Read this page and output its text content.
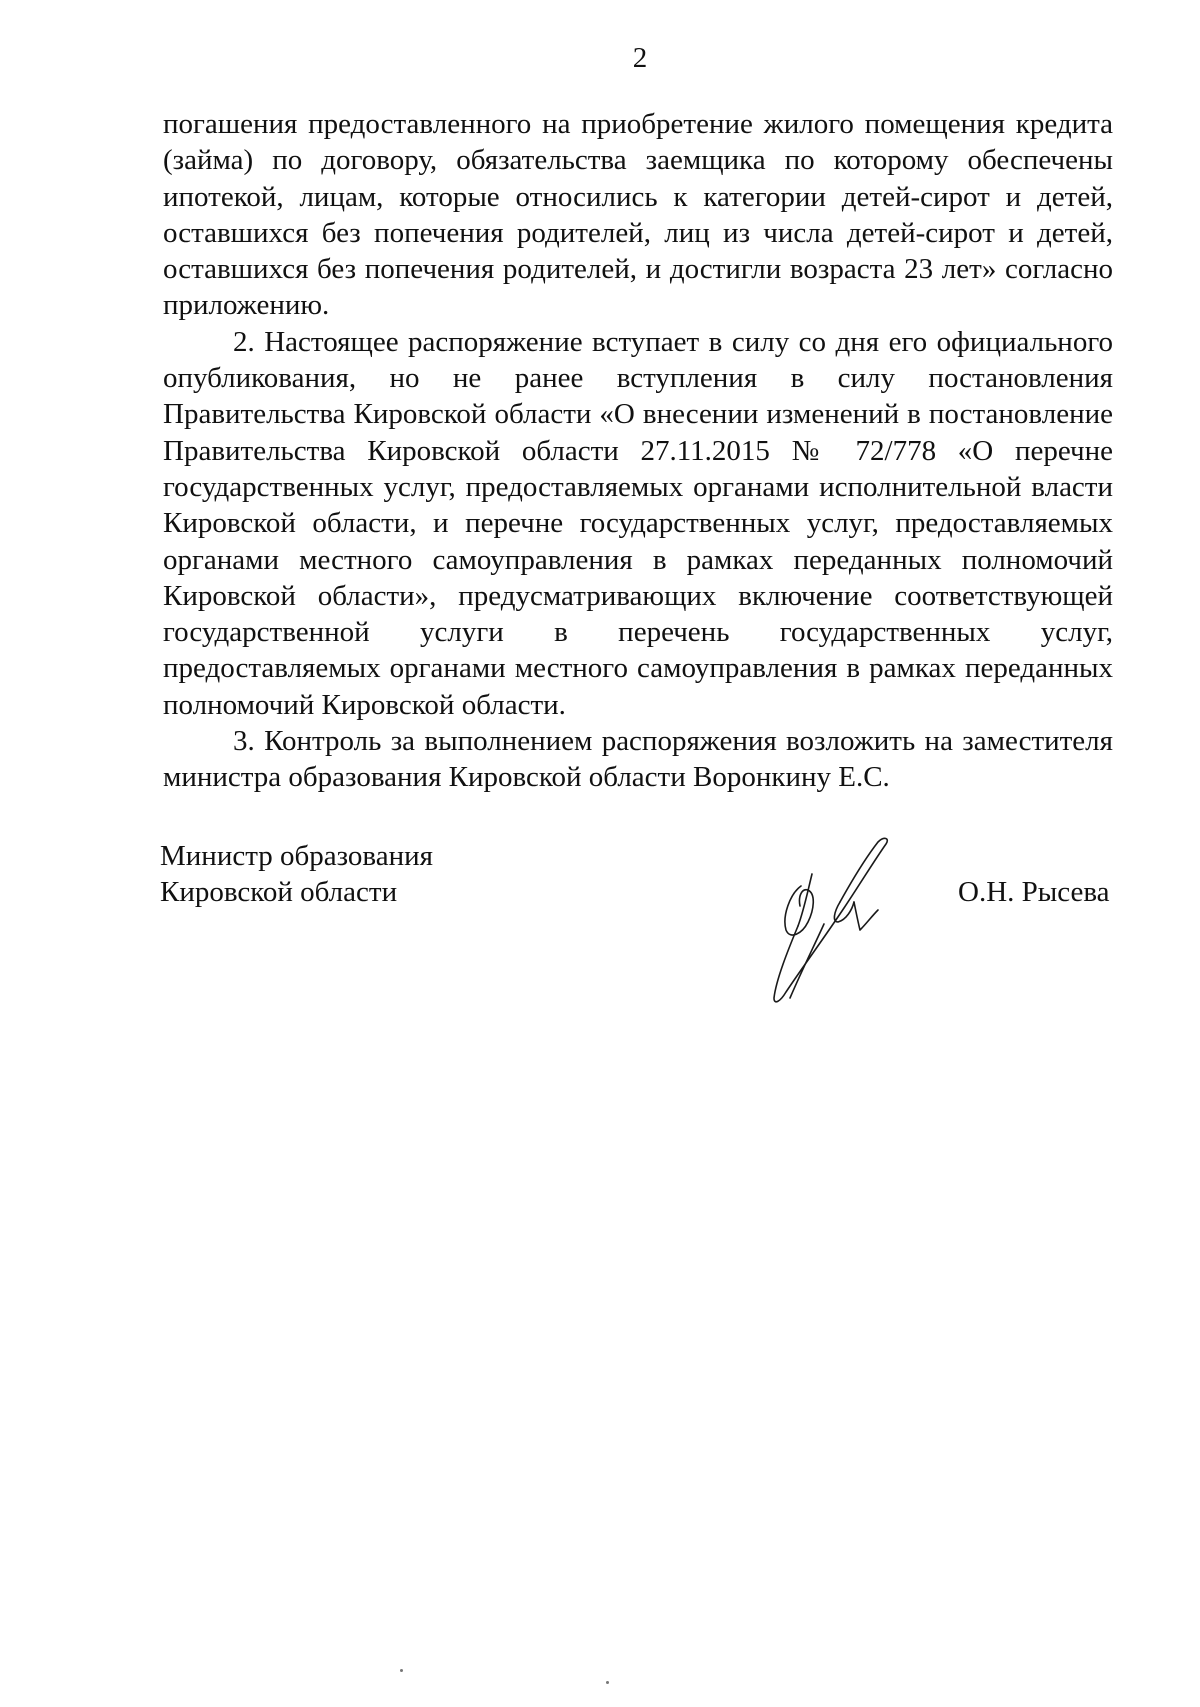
2

погашения предоставленного на приобретение жилого помещения кредита (займа) по договору, обязательства заемщика по которому обеспечены ипотекой, лицам, которые относились к категории детей-сирот и детей, оставшихся без попечения родителей, лиц из числа детей-сирот и детей, оставшихся без попечения родителей, и достигли возраста 23 лет» согласно приложению.

2. Настоящее распоряжение вступает в силу со дня его официального опубликования, но не ранее вступления в силу постановления Правительства Кировской области «О внесении изменений в постановление Правительства Кировской области 27.11.2015 № 72/778 «О перечне государственных услуг, предоставляемых органами исполнительной власти Кировской области, и перечне государственных услуг, предоставляемых органами местного самоуправления в рамках переданных полномочий Кировской области», предусматривающих включение соответствующей государственной услуги в перечень государственных услуг, предоставляемых органами местного самоуправления в рамках переданных полномочий Кировской области.

3. Контроль за выполнением распоряжения возложить на заместителя министра образования Кировской области Воронкину Е.С.

Министр образования
Кировской области	О.Н. Рысева
